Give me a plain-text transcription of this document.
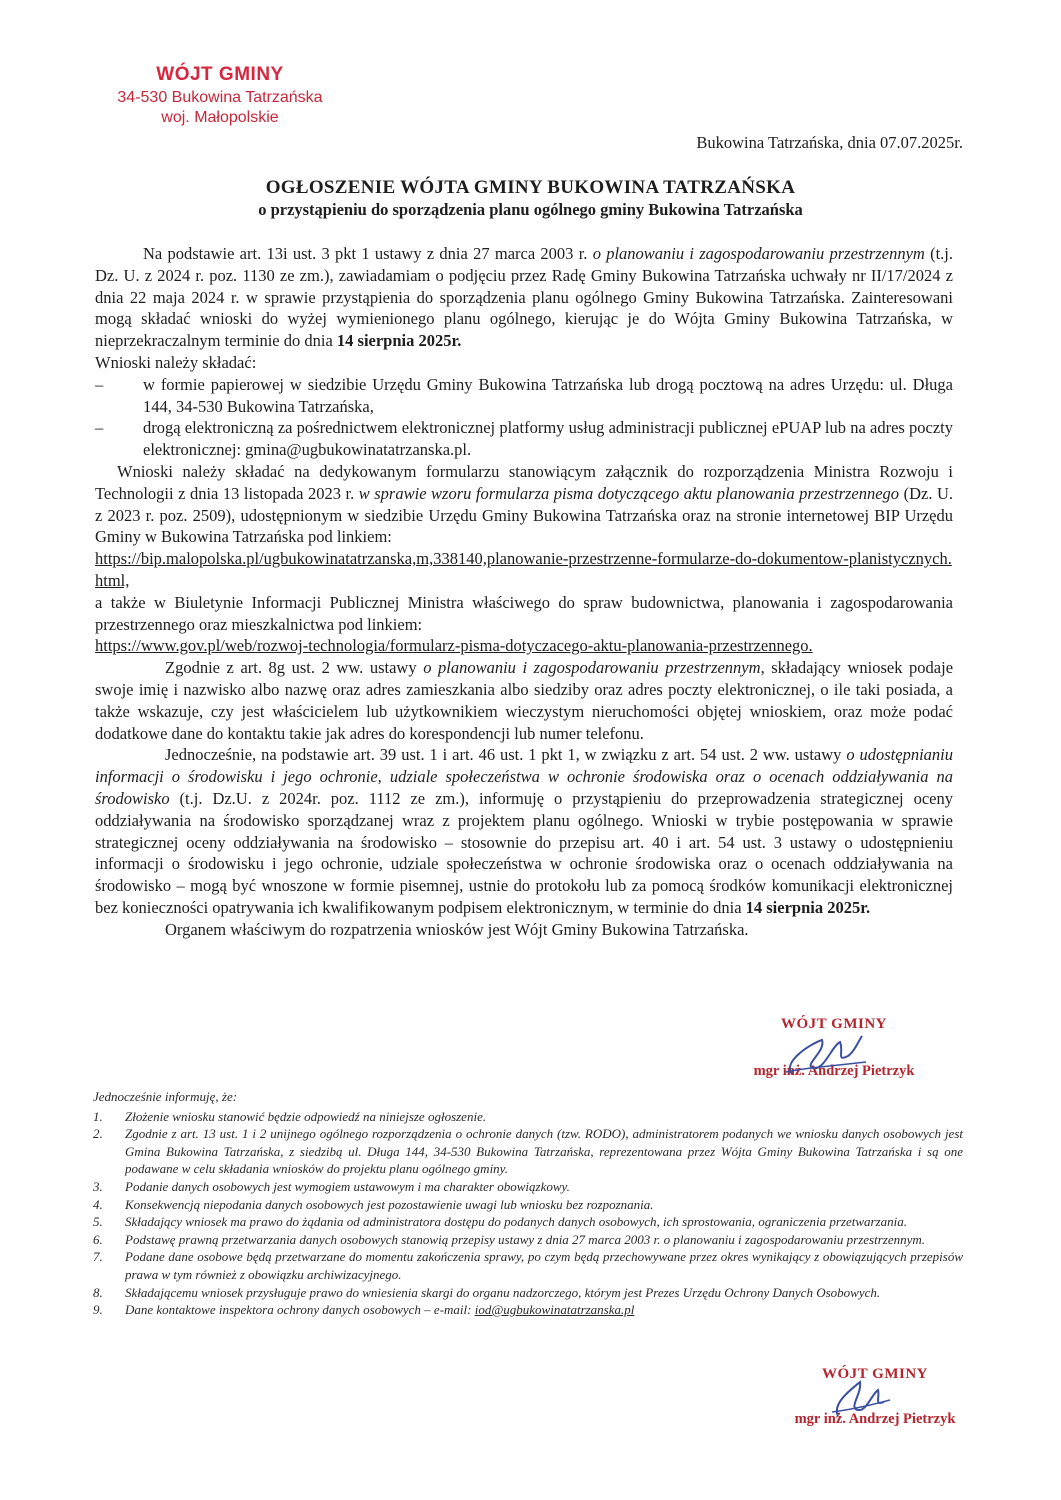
WÓJT GMINY
34-530 Bukowina Tatrzańska
woj. Małopolskie
Bukowina Tatrzańska, dnia 07.07.2025r.
OGŁOSZENIE WÓJTA GMINY BUKOWINA TATRZAŃSKA
o przystąpieniu do sporządzenia planu ogólnego gminy Bukowina Tatrzańska

Na podstawie art. 13i ust. 3 pkt 1 ustawy z dnia 27 marca 2003 r. o planowaniu i zagospodarowaniu przestrzennym (t.j. Dz. U. z 2024 r. poz. 1130 ze zm.), zawiadamiam o podjęciu przez Radę Gminy Bukowina Tatrzańska uchwały nr II/17/2024 z dnia 22 maja 2024 r. w sprawie przystąpienia do sporządzenia planu ogólnego Gminy Bukowina Tatrzańska. Zainteresowani mogą składać wnioski do wyżej wymienionego planu ogólnego, kierując je do Wójta Gminy Bukowina Tatrzańska, w nieprzekraczalnym terminie do dnia 14 sierpnia 2025r.

Wnioski należy składać:

–	w formie papierowej w siedzibie Urzędu Gminy Bukowina Tatrzańska lub drogą pocztową na adres Urzędu: ul. Długa 144, 34-530 Bukowina Tatrzańska,
–	drogą elektroniczną za pośrednictwem elektronicznej platformy usług administracji publicznej ePUAP lub na adres poczty elektronicznej: gmina@ugbukowinatatrzanska.pl.

Wnioski należy składać na dedykowanym formularzu stanowiącym załącznik do rozporządzenia Ministra Rozwoju i Technologii z dnia 13 listopada 2023 r. w sprawie wzoru formularza pisma dotyczącego aktu planowania przestrzennego (Dz. U. z 2023 r. poz. 2509), udostępnionym w siedzibie Urzędu Gminy Bukowina Tatrzańska oraz na stronie internetowej BIP Urzędu Gminy w Bukowina Tatrzańska pod linkiem:

https://bip.malopolska.pl/ugbukowinatatrzanska,m,338140,planowanie-przestrzenne-formularze-do-dokumentow-planistycznych.html,

a także w Biuletynie Informacji Publicznej Ministra właściwego do spraw budownictwa, planowania i zagospodarowania przestrzennego oraz mieszkalnictwa pod linkiem:

https://www.gov.pl/web/rozwoj-technologia/formularz-pisma-dotyczacego-aktu-planowania-przestrzennego.

Zgodnie z art. 8g ust. 2 ww. ustawy o planowaniu i zagospodarowaniu przestrzennym, składający wniosek podaje swoje imię i nazwisko albo nazwę oraz adres zamieszkania albo siedziby oraz adres poczty elektronicznej, o ile taki posiada, a także wskazuje, czy jest właścicielem lub użytkownikiem wieczystym nieruchomości objętej wnioskiem, oraz może podać dodatkowe dane do kontaktu takie jak adres do korespondencji lub numer telefonu.

Jednocześnie, na podstawie art. 39 ust. 1 i art. 46 ust. 1 pkt 1, w związku z art. 54 ust. 2 ww. ustawy o udostępnianiu informacji o środowisku i jego ochronie, udziale społeczeństwa w ochronie środowiska oraz o ocenach oddziaływania na środowisko (t.j. Dz.U. z 2024r. poz. 1112 ze zm.), informuję o przystąpieniu do przeprowadzenia strategicznej oceny oddziaływania na środowisko sporządzanej wraz z projektem planu ogólnego. Wnioski w trybie postępowania w sprawie strategicznej oceny oddziaływania na środowisko – stosownie do przepisu art. 40 i art. 54 ust. 3 ustawy o udostępnieniu informacji o środowisku i jego ochronie, udziale społeczeństwa w ochronie środowiska oraz o ocenach oddziaływania na środowisko – mogą być wnoszone w formie pisemnej, ustnie do protokołu lub za pomocą środków komunikacji elektronicznej bez konieczności opatrywania ich kwalifikowanym podpisem elektronicznym, w terminie do dnia 14 sierpnia 2025r.

Organem właściwym do rozpatrzenia wniosków jest Wójt Gminy Bukowina Tatrzańska.

WÓJT GMINY
mgr inż. Andrzej Pietrzyk
Jednocześnie informuję, że:
1.	Złożenie wniosku stanowić będzie odpowiedź na niniejsze ogłoszenie.
2.	Zgodnie z art. 13 ust. 1 i 2 unijnego ogólnego rozporządzenia o ochronie danych (tzw. RODO), administratorem podanych we wniosku danych osobowych jest Gmina Bukowina Tatrzańska, z siedzibą ul. Długa 144, 34-530 Bukowina Tatrzańska, reprezentowana przez Wójta Gminy Bukowina Tatrzańska i są one podawane w celu składania wniosków do projektu planu ogólnego gminy.
3.	Podanie danych osobowych jest wymogiem ustawowym i ma charakter obowiązkowy.
4.	Konsekwencją niepodania danych osobowych jest pozostawienie uwagi lub wniosku bez rozpoznania.
5.	Składający wniosek ma prawo do żądania od administratora dostępu do podanych danych osobowych, ich sprostowania, ograniczenia przetwarzania.
6.	Podstawę prawną przetwarzania danych osobowych stanowią przepisy ustawy z dnia 27 marca 2003 r. o planowaniu i zagospodarowaniu przestrzennym.
7.	Podane dane osobowe będą przetwarzane do momentu zakończenia sprawy, po czym będą przechowywane przez okres wynikający z obowiązujących przepisów prawa w tym również z obowiązku archiwizacyjnego.
8.	Składającemu wniosek przysługuje prawo do wniesienia skargi do organu nadzorczego, którym jest Prezes Urzędu Ochrony Danych Osobowych.
9.	Dane kontaktowe inspektora ochrony danych osobowych – e-mail: iod@ugbukowinatatrzanska.pl
WÓJT GMINY
mgr inż. Andrzej Pietrzyk
